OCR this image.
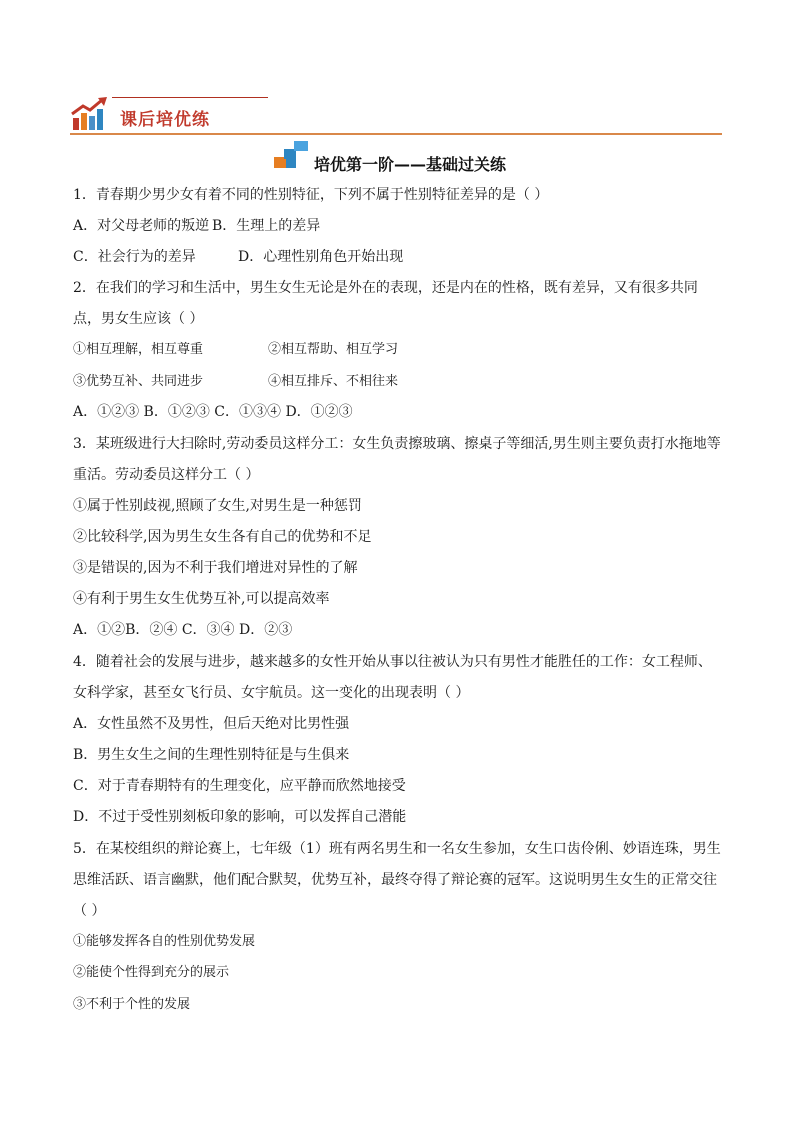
课后培优练
培优第一阶——基础过关练
1．青春期少男少女有着不同的性别特征，下列不属于性别特征差异的是（ ）
A．对父母老师的叛逆 B．生理上的差异
C．社会行为的差异	D．心理性别角色开始出现
2．在我们的学习和生活中，男生女生无论是外在的表现，还是内在的性格，既有差异，又有很多共同
点，男女生应该（ ）
①相互理解，相互尊重	②相互帮助、相互学习
③优势互补、共同进步	④相互排斥、不相往来
A．①②③ B．①②③ C．①③④ D．①②③
3．某班级进行大扫除时,劳动委员这样分工：女生负责擦玻璃、擦桌子等细活,男生则主要负责打水拖地等
重活。劳动委员这样分工（ ）
①属于性别歧视,照顾了女生,对男生是一种惩罚
②比较科学,因为男生女生各有自己的优势和不足
③是错误的,因为不利于我们增进对异性的了解
④有利于男生女生优势互补,可以提高效率
A．①②B．②④ C．③④ D．②③
4．随着社会的发展与进步，越来越多的女性开始从事以往被认为只有男性才能胜任的工作：女工程师、
女科学家，甚至女飞行员、女宇航员。这一变化的出现表明（ ）
A．女性虽然不及男性，但后天绝对比男性强
B．男生女生之间的生理性别特征是与生俱来
C．对于青春期特有的生理变化，应平静而欣然地接受
D．不过于受性别刻板印象的影响，可以发挥自己潜能
5．在某校组织的辩论赛上，七年级（1）班有两名男生和一名女生参加，女生口齿伶俐、妙语连珠，男生
思维活跃、语言幽默，他们配合默契，优势互补，最终夺得了辩论赛的冠军。这说明男生女生的正常交往
（ ）
①能够发挥各自的性别优势发展
②能使个性得到充分的展示
③不利于个性的发展
